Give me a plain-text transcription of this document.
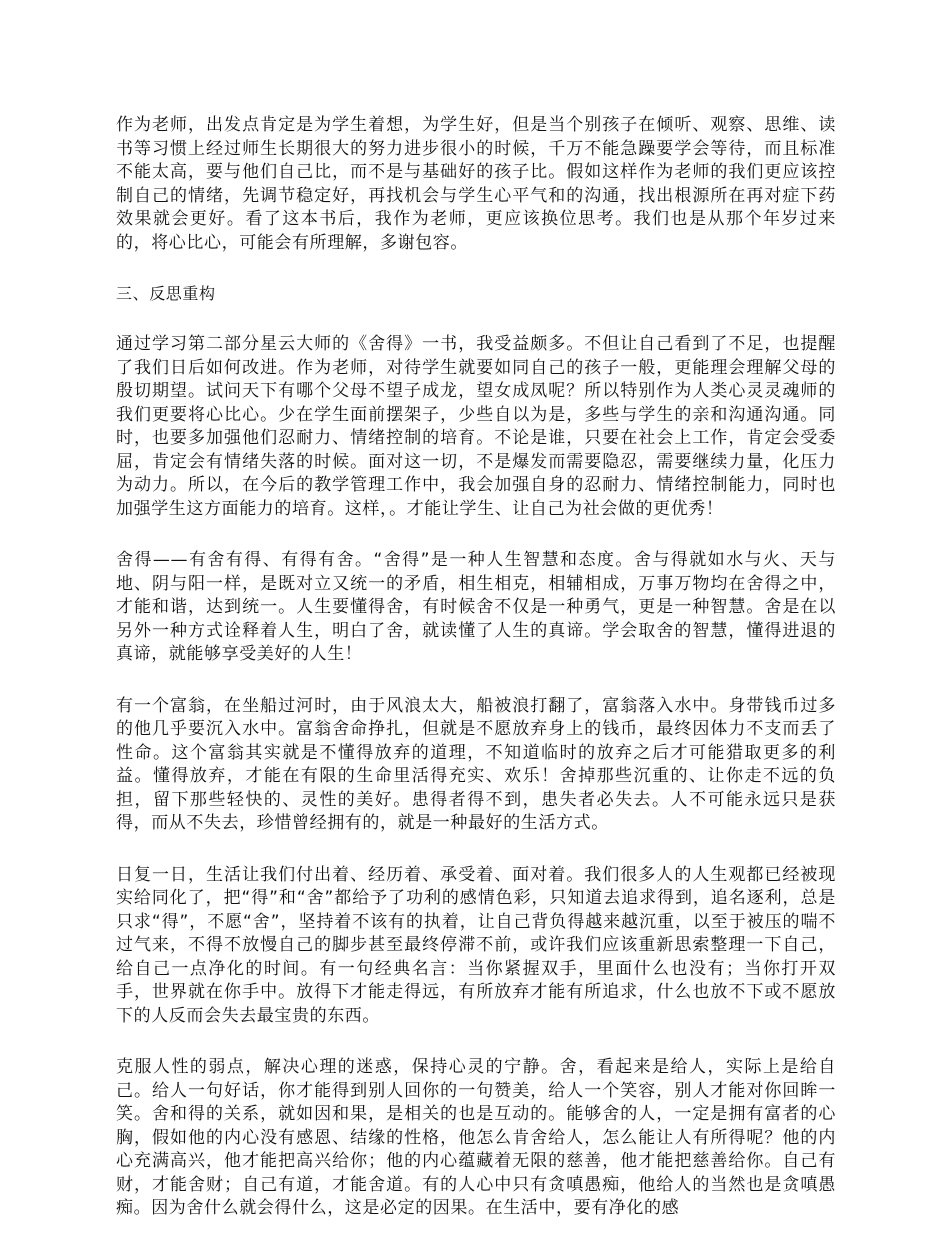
作为老师，出发点肯定是为学生着想，为学生好，但是当个别孩子在倾听、观察、思维、读书等习惯上经过师生长期很大的努力进步很小的时候，千万不能急躁要学会等待，而且标准不能太高，要与他们自己比，而不是与基础好的孩子比。假如这样作为老师的我们更应该控制自己的情绪，先调节稳定好，再找机会与学生心平气和的沟通，找出根源所在再对症下药效果就会更好。看了这本书后，我作为老师，更应该换位思考。我们也是从那个年岁过来的，将心比心，可能会有所理解，多谢包容。

三、反思重构

通过学习第二部分星云大师的《舍得》一书，我受益颇多。不但让自己看到了不足，也提醒了我们日后如何改进。作为老师，对待学生就要如同自己的孩子一般，更能理会理解父母的殷切期望。试问天下有哪个父母不望子成龙，望女成凤呢？所以特别作为人类心灵灵魂师的我们更要将心比心。少在学生面前摆架子，少些自以为是，多些与学生的亲和沟通沟通。同时，也要多加强他们忍耐力、情绪控制的培育。不论是谁，只要在社会上工作，肯定会受委屈，肯定会有情绪失落的时候。面对这一切，不是爆发而需要隐忍，需要继续力量，化压力为动力。所以，在今后的教学管理工作中，我会加强自身的忍耐力、情绪控制能力，同时也加强学生这方面能力的培育。这样，。才能让学生、让自己为社会做的更优秀！

舍得——有舍有得、有得有舍。“舍得”是一种人生智慧和态度。舍与得就如水与火、天与地、阴与阳一样，是既对立又统一的矛盾，相生相克，相辅相成，万事万物均在舍得之中，才能和谐，达到统一。人生要懂得舍，有时候舍不仅是一种勇气，更是一种智慧。舍是在以另外一种方式诠释着人生，明白了舍，就读懂了人生的真谛。学会取舍的智慧，懂得进退的真谛，就能够享受美好的人生！

有一个富翁，在坐船过河时，由于风浪太大，船被浪打翻了，富翁落入水中。身带钱币过多的他几乎要沉入水中。富翁舍命挣扎，但就是不愿放弃身上的钱币，最终因体力不支而丢了性命。这个富翁其实就是不懂得放弃的道理，不知道临时的放弃之后才可能猎取更多的利益。懂得放弃，才能在有限的生命里活得充实、欢乐！舍掉那些沉重的、让你走不远的负担，留下那些轻快的、灵性的美好。患得者得不到，患失者必失去。人不可能永远只是获得，而从不失去，珍惜曾经拥有的，就是一种最好的生活方式。

日复一日，生活让我们付出着、经历着、承受着、面对着。我们很多人的人生观都已经被现实给同化了，把“得”和“舍”都给予了功利的感情色彩，只知道去追求得到，追名逐利，总是只求“得”，不愿“舍”，坚持着不该有的执着，让自己背负得越来越沉重，以至于被压的喘不过气来，不得不放慢自己的脚步甚至最终停滞不前，或许我们应该重新思索整理一下自己，给自己一点净化的时间。有一句经典名言：当你紧握双手，里面什么也没有；当你打开双手，世界就在你手中。放得下才能走得远，有所放弃才能有所追求，什么也放不下或不愿放下的人反而会失去最宝贵的东西。

克服人性的弱点，解决心理的迷惑，保持心灵的宁静。舍，看起来是给人，实际上是给自己。给人一句好话，你才能得到别人回你的一句赞美，给人一个笑容，别人才能对你回眸一笑。舍和得的关系，就如因和果，是相关的也是互动的。能够舍的人，一定是拥有富者的心胸，假如他的内心没有感恩、结缘的性格，他怎么肯舍给人，怎么能让人有所得呢？他的内心充满高兴，他才能把高兴给你；他的内心蕴藏着无限的慈善，他才能把慈善给你。自己有财，才能舍财；自己有道，才能舍道。有的人心中只有贪嗔愚痴，他给人的当然也是贪嗔愚痴。因为舍什么就会得什么，这是必定的因果。在生活中，要有净化的感
